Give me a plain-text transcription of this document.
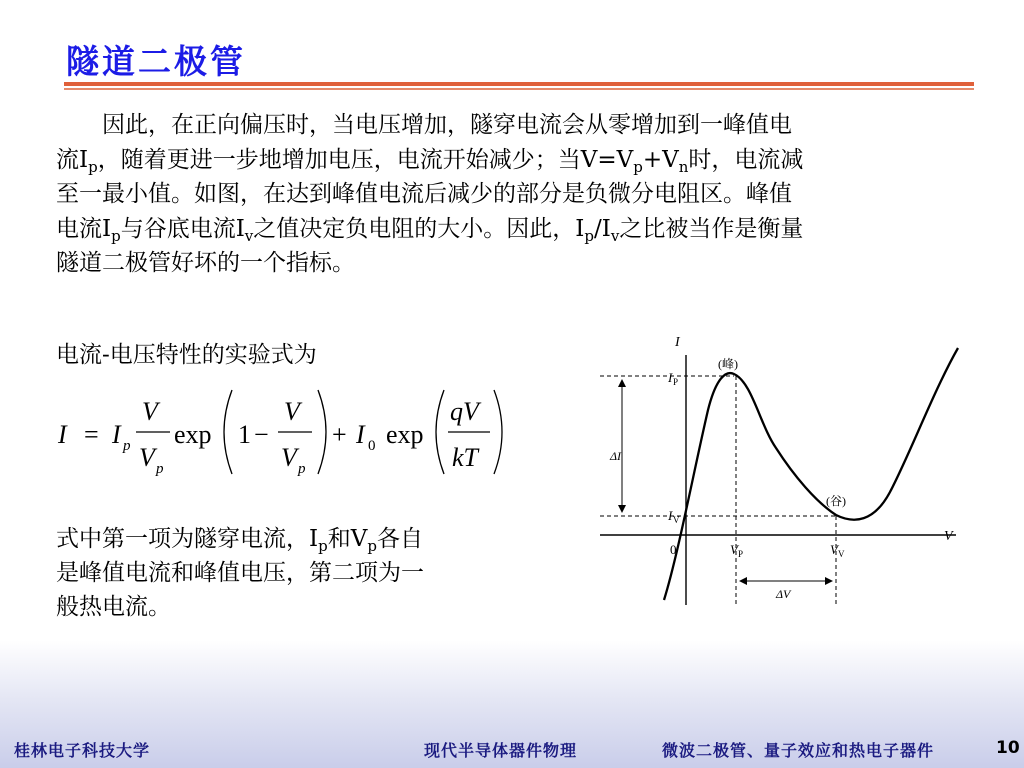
隧道二极管
因此，在正向偏压时，当电压增加，隧穿电流会从零增加到一峰值电
流$I_p$，随着更进一步地增加电压，电流开始减少；当$V=V_p+V_n$时，电流减
至一最小值。如图，在达到峰值电流后减少的部分是负微分电阻区。峰值
电流$I_p$与谷底电流$I_v$之值决定负电阻的大小。因此，$I_p/I_v$之比被当作是衡量
隧道二极管好坏的一个指标。
电流-电压特性的实验式为
I = I p
V
V p
exp 1 −
V
V p
+ I 0 exp
qV
kT
式中第一项为隧穿电流，$I_p$和$V_p$各自
是峰值电流和峰值电压，第二项为一
般热电流。
I
V
0
ΔI
ΔV
(峰)
(谷)
I P
I V
V P	V V
桂林电子科技大学	现代半导体器件物理	微波二极管、量子效应和热电子器件	10
